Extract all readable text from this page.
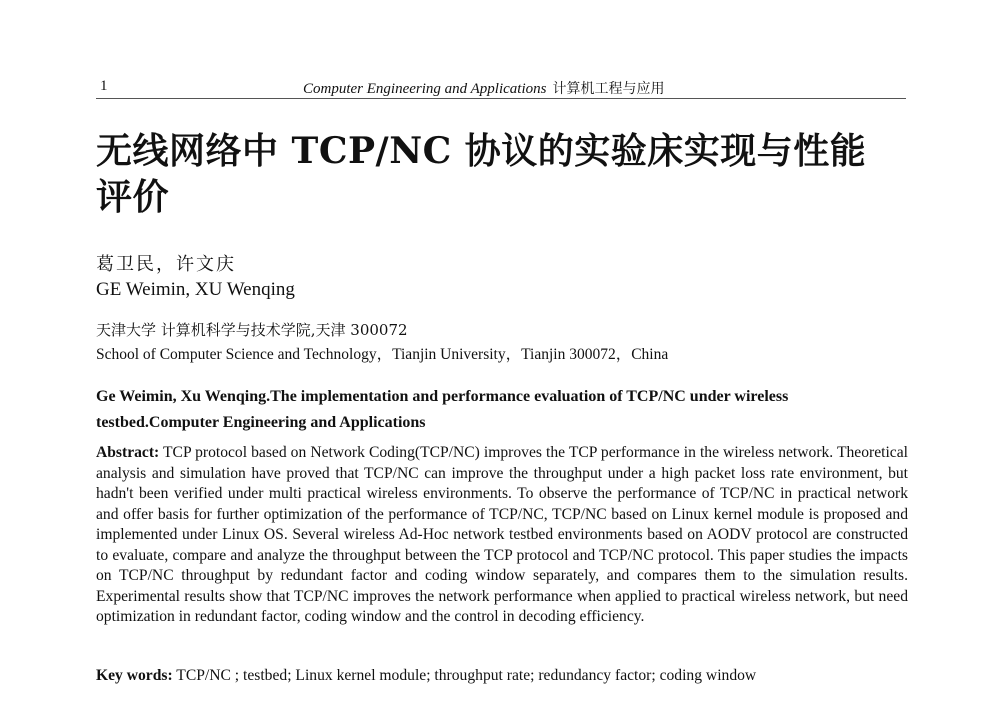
1	Computer Engineering and Applications 计算机工程与应用
无线网络中 TCP/NC 协议的实验床实现与性能评价
葛卫民，许文庆
GE Weimin, XU Wenqing
天津大学 计算机科学与技术学院,天津 300072
School of Computer Science and Technology，Tianjin University，Tianjin 300072，China

Ge Weimin, Xu Wenqing.The implementation and performance evaluation of TCP/NC under wireless testbed.Computer Engineering and Applications

Abstract: TCP protocol based on Network Coding(TCP/NC) improves the TCP performance in the wireless network. Theoretical analysis and simulation have proved that TCP/NC can improve the throughput under a high packet loss rate environment, but hadn't been verified under multi practical wireless environments. To observe the performance of TCP/NC in practical network and offer basis for further optimization of the performance of TCP/NC, TCP/NC based on Linux kernel module is proposed and implemented under Linux OS. Several wireless Ad-Hoc network testbed environments based on AODV protocol are constructed to evaluate, compare and analyze the throughput between the TCP protocol and TCP/NC protocol. This paper studies the impacts on TCP/NC throughput by redundant factor and coding window separately, and compares them to the simulation results. Experimental results show that TCP/NC improves the network performance when applied to practical wireless network, but need optimization in redundant factor, coding window and the control in decoding efficiency.

Key words: TCP/NC ; testbed; Linux kernel module; throughput rate; redundancy factor; coding window
